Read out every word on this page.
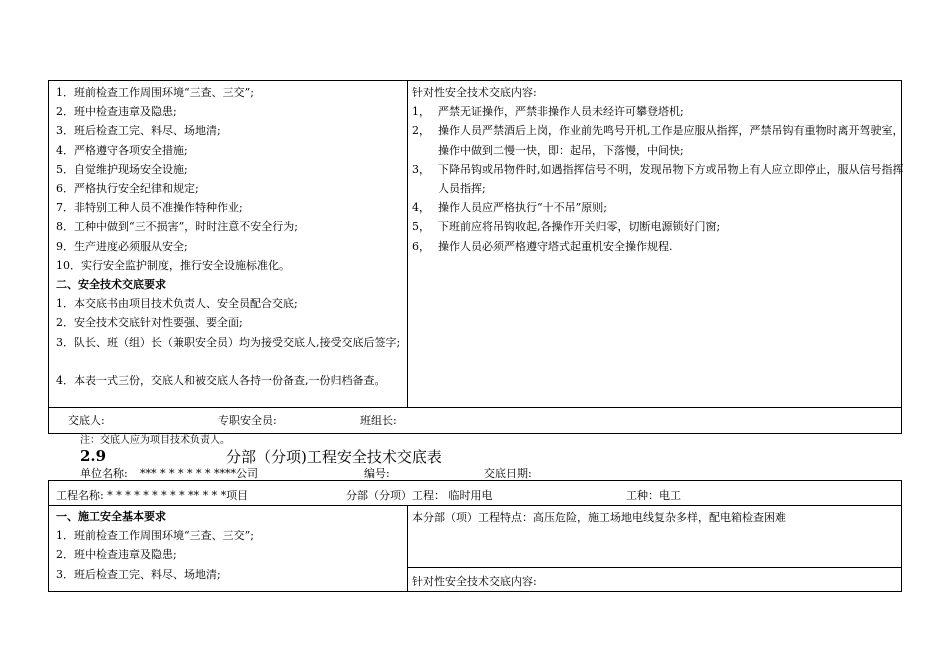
1．班前检查工作周围环境“三查、三交”;
2．班中检查违章及隐患;
3．班后检查工完、料尽、场地清;
4．严格遵守各项安全措施;
5．自觉维护现场安全设施;
6．严格执行安全纪律和规定;
7．非特别工种人员不准操作特种作业;
8．工种中做到“三不损害”，时时注意不安全行为;
9．生产进度必须服从安全;
10．实行安全监护制度，推行安全设施标准化。
二、安全技术交底要求
1．本交底书由项目技术负责人、安全员配合交底;
2．安全技术交底针对性要强、要全面;
3．队长、班（组）长（兼职安全员）均为接受交底人,接受交底后签字;
4．本表一式三份，交底人和被交底人各持一份备查,一份归档备查。
针对性安全技术交底内容:
1， 严禁无证操作，严禁非操作人员未经许可攀登塔机;
2， 操作人员严禁酒后上岗，作业前先鸣号开机,工作是应服从指挥，严禁吊钩有重物时离开驾驶室，操作中做到二慢一快，即：起吊，下落慢，中间快;
3， 下降吊钩或吊物件时,如遇指挥信号不明，发现吊物下方或吊物上有人应立即停止，服从信号指挥人员指挥;
4， 操作人员应严格执行“十不吊”原则;
5， 下班前应将吊钩收起,各操作开关归零，切断电源锁好门窗;
6， 操作人员必须严格遵守塔式起重机安全操作规程.
交底人:	专职安全员:	班组长:
注：交底人应为项目技术负责人。
2.9	分部（分项)工程安全技术交底表
单位名称: *** * * * * * * ****公司	编号:	交底日期:
工程名称: * * * * * * * * * ** * * *项目	分部（分项）工程： 临时用电	工种：电工
一、施工安全基本要求
1．班前检查工作周围环境“三查、三交”;
2．班中检查违章及隐患;
3．班后检查工完、料尽、场地清;
本分部（项）工程特点：高压危险，施工场地电线复杂多样，配电箱检查困难
针对性安全技术交底内容:
